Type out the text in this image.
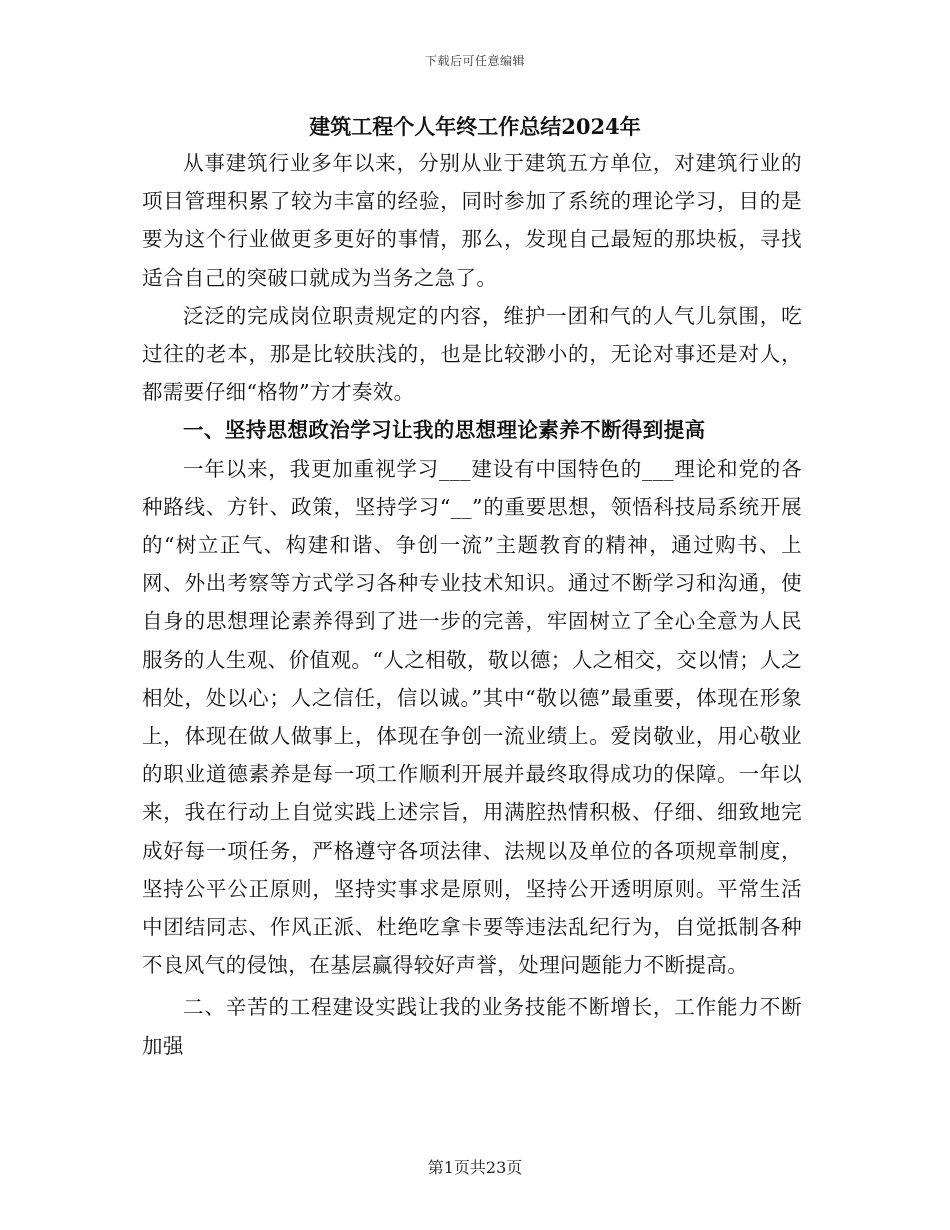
下载后可任意编辑
建筑工程个人年终工作总结2024年

从事建筑行业多年以来，分别从业于建筑五方单位，对建筑行业的项目管理积累了较为丰富的经验，同时参加了系统的理论学习，目的是要为这个行业做更多更好的事情，那么，发现自己最短的那块板，寻找适合自己的突破口就成为当务之急了。

泛泛的完成岗位职责规定的内容，维护一团和气的人气儿氛围，吃过往的老本，那是比较肤浅的，也是比较渺小的，无论对事还是对人，都需要仔细“格物”方才奏效。

一、坚持思想政治学习让我的思想理论素养不断得到提高

一年以来，我更加重视学习___建设有中国特色的___理论和党的各种路线、方针、政策，坚持学习“__”的重要思想，领悟科技局系统开展的“树立正气、构建和谐、争创一流”主题教育的精神，通过购书、上网、外出考察等方式学习各种专业技术知识。通过不断学习和沟通，使自身的思想理论素养得到了进一步的完善，牢固树立了全心全意为人民服务的人生观、价值观。“人之相敬，敬以德；人之相交，交以情；人之相处，处以心；人之信任，信以诚。”其中“敬以德”最重要，体现在形象上，体现在做人做事上，体现在争创一流业绩上。爱岗敬业，用心敬业的职业道德素养是每一项工作顺利开展并最终取得成功的保障。一年以来，我在行动上自觉实践上述宗旨，用满腔热情积极、仔细、细致地完成好每一项任务，严格遵守各项法律、法规以及单位的各项规章制度，坚持公平公正原则，坚持实事求是原则，坚持公开透明原则。平常生活中团结同志、作风正派、杜绝吃拿卡要等违法乱纪行为，自觉抵制各种不良风气的侵蚀，在基层赢得较好声誉，处理问题能力不断提高。

二、辛苦的工程建设实践让我的业务技能不断增长，工作能力不断加强

第1页共23页
